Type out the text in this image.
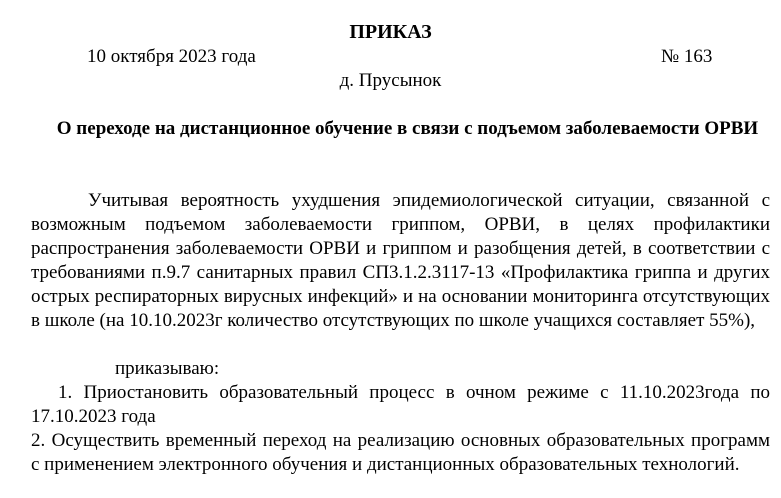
ПРИКАЗ
10 октября 2023 года	№ 163
д. Прусынок
О переходе на дистанционное обучение в связи с подъемом заболеваемости ОРВИ
Учитывая вероятность ухудшения эпидемиологической ситуации, связанной с возможным подъемом заболеваемости гриппом, ОРВИ, в целях профилактики распространения заболеваемости ОРВИ и гриппом и разобщения детей, в соответствии с требованиями п.9.7 санитарных правил СП3.1.2.3117-13 «Профилактика гриппа и других острых респираторных вирусных инфекций» и на основании мониторинга отсутствующих в школе (на 10.10.2023г количество отсутствующих по школе учащихся составляет 55%),
приказываю:
1. Приостановить образовательный процесс в очном режиме с 11.10.2023года по 17.10.2023 года
2. Осуществить временный переход на реализацию основных образовательных программ с применением электронного обучения и дистанционных образовательных технологий.
